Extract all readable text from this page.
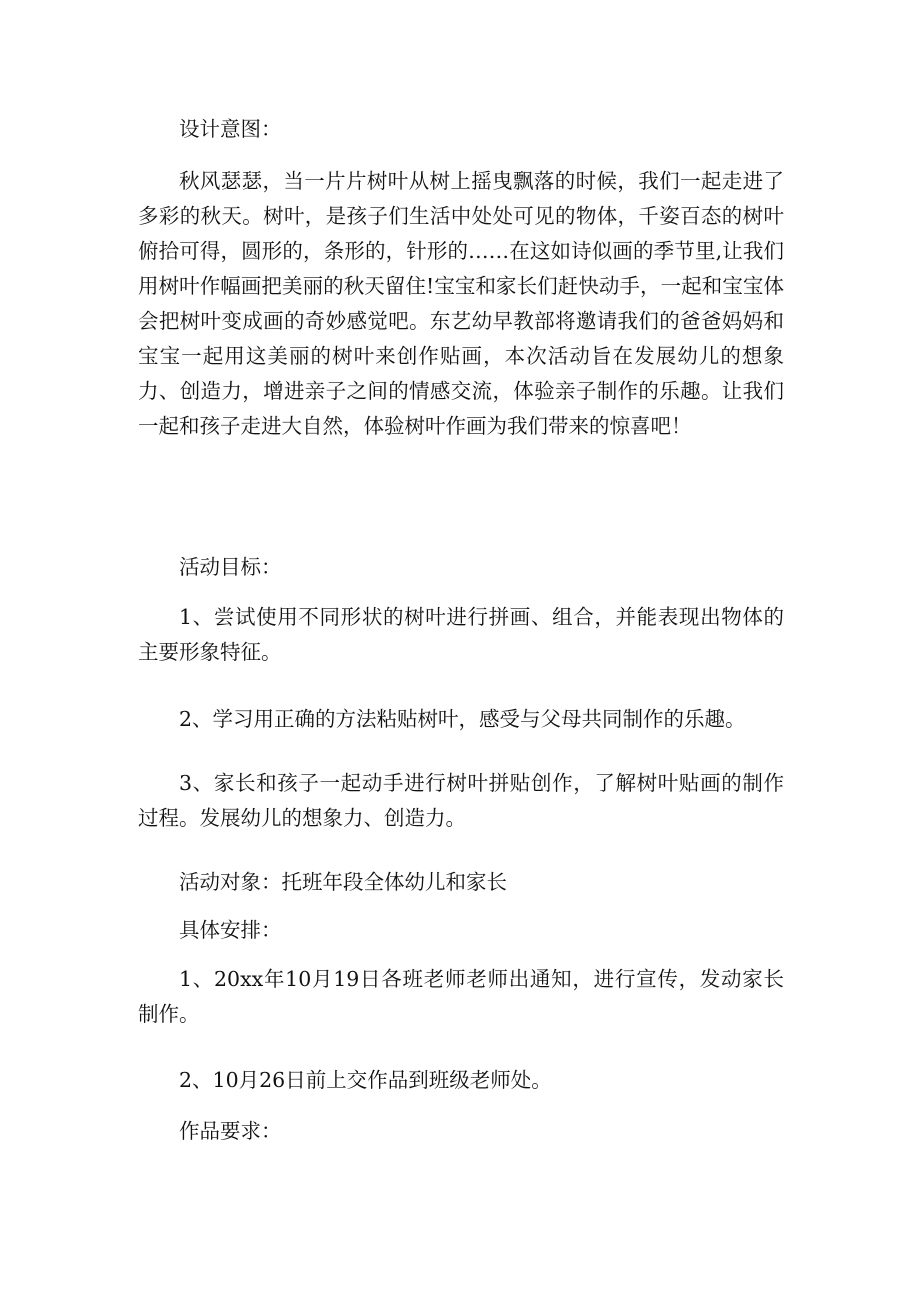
设计意图：

秋风瑟瑟，当一片片树叶从树上摇曳飘落的时候，我们一起走进了多彩的秋天。树叶，是孩子们生活中处处可见的物体，千姿百态的树叶俯拾可得，圆形的，条形的，针形的……在这如诗似画的季节里,让我们用树叶作幅画把美丽的秋天留住!宝宝和家长们赶快动手，一起和宝宝体会把树叶变成画的奇妙感觉吧。东艺幼早教部将邀请我们的爸爸妈妈和宝宝一起用这美丽的树叶来创作贴画，本次活动旨在发展幼儿的想象力、创造力，增进亲子之间的情感交流，体验亲子制作的乐趣。让我们一起和孩子走进大自然，体验树叶作画为我们带来的惊喜吧！

活动目标：

1、尝试使用不同形状的树叶进行拼画、组合，并能表现出物体的主要形象特征。

2、学习用正确的方法粘贴树叶，感受与父母共同制作的乐趣。

3、家长和孩子一起动手进行树叶拼贴创作，了解树叶贴画的制作过程。发展幼儿的想象力、创造力。

活动对象：托班年段全体幼儿和家长

具体安排：

1、20xx年10月19日各班老师老师出通知，进行宣传，发动家长制作。

2、10月26日前上交作品到班级老师处。

作品要求：
